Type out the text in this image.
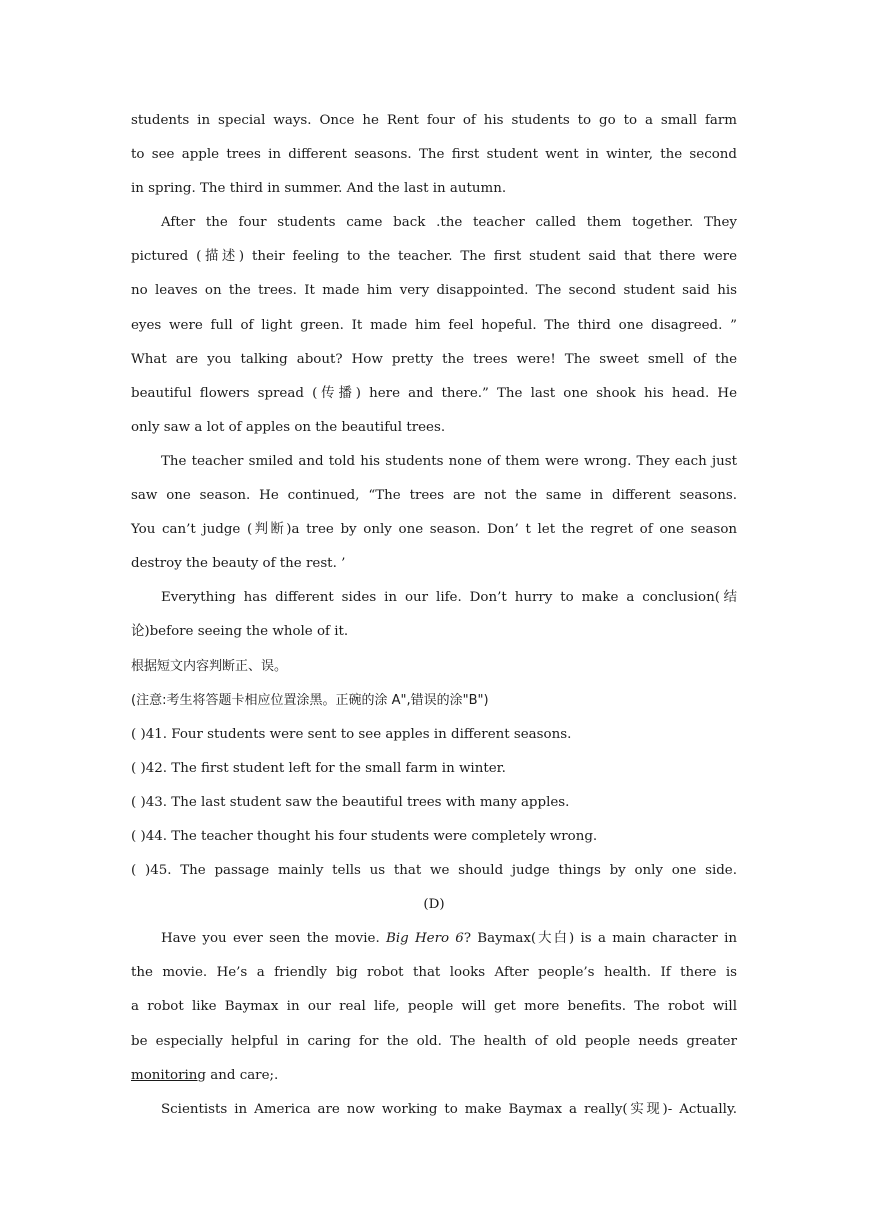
students in special ways. Once he Rent four of his students to go to a small farm
to see apple trees in different seasons. The first student went in winter, the second
in spring. The third in summer. And the last in autumn.
After the four students came back .the teacher called them together. They
pictured (描述) their feeling to the teacher. The first student said that there were
no leaves on the trees. It made him very disappointed. The second student said his
eyes were full of light green. It made him feel hopeful. The third one disagreed. ”
What are you talking about? How pretty the trees were! The sweet smell of the
beautiful flowers spread (传播) here and there.” The last one shook his head. He
only saw a lot of apples on the beautiful trees.
The teacher smiled and told his students none of them were wrong. They each just
saw one season. He continued, “The trees are not the same in different seasons.
You can’t judge (判断)a tree by only one season. Don’ t let the regret of one season
destroy the beauty of the rest. ’
Everything has different sides in our life. Don’t hurry to make a conclusion(结
论)before seeing the whole of it.
根据短文内容判断正、误。
(注意:考生将答题卡相应位置涂黑。正碗的涂 A",错误的涂"B")
( )41. Four students were sent to see apples in different seasons.
( )42. The first student left for the small farm in winter.
( )43. The last student saw the beautiful trees with many apples.
( )44. The teacher thought his four students were completely wrong.
( )45. The passage mainly tells us that we should judge things by only one side.
(D)
Have you ever seen the movie. Big Hero 6? Baymax(大白) is a main character in
the movie. He’s a friendly big robot that looks After people’s health. If there is
a robot like Baymax in our real life, people will get more benefits. The robot will
be especially helpful in caring for the old. The health of old people needs greater
monitoring and care;.
Scientists in America are now working to make Baymax a really(实现)- Actually.
